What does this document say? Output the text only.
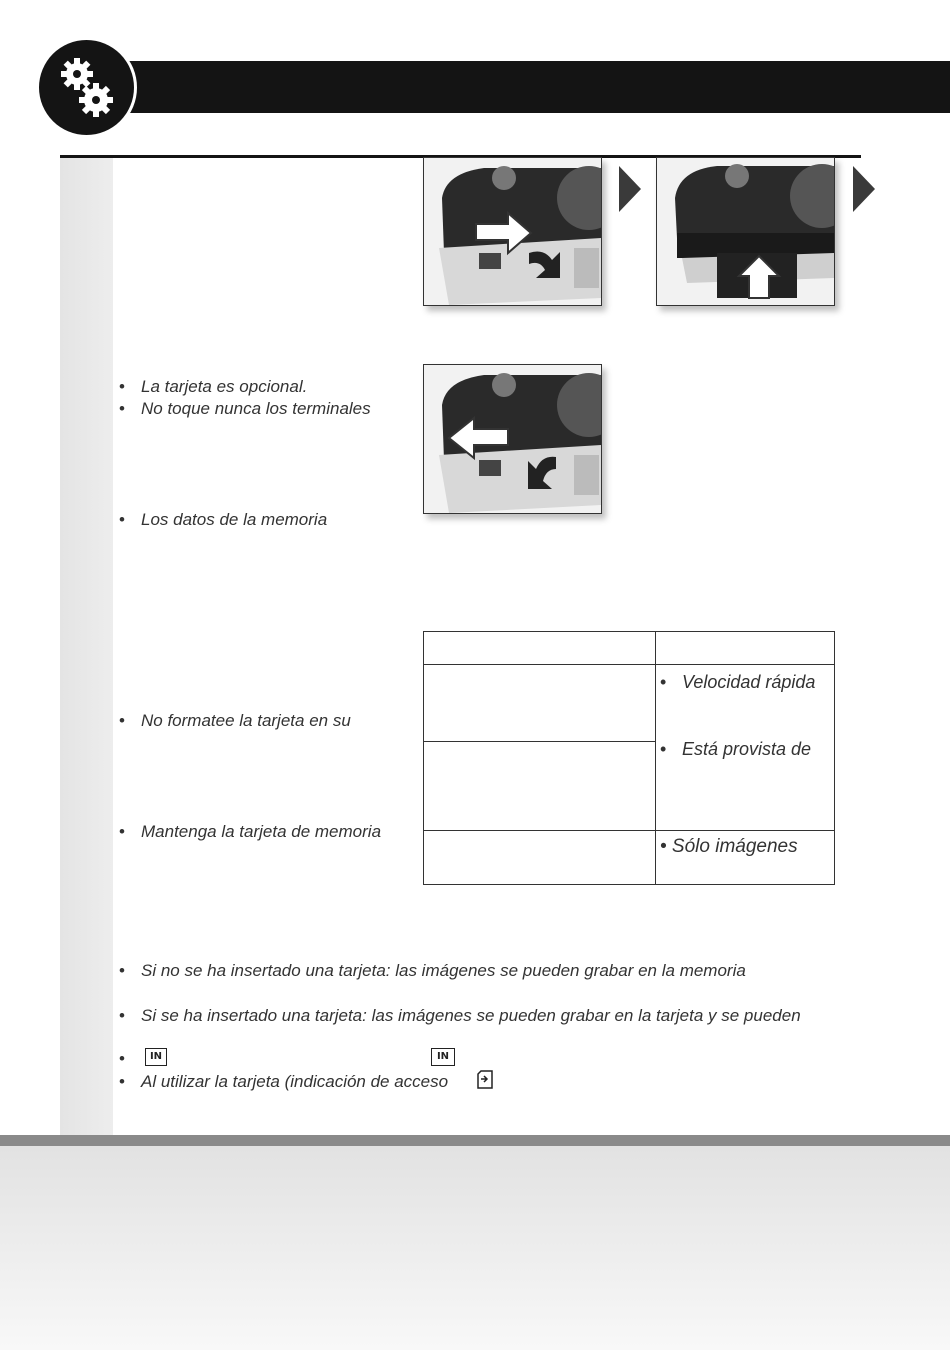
• La tarjeta es opcional.
• No toque nunca los terminales
• Los datos de la memoria
• No formatee la tarjeta en su
• Mantenga la tarjeta de memoria
• Velocidad rápida
• Está provista de
• Sólo imágenes
• Si no se ha insertado una tarjeta: las imágenes se pueden grabar en la memoria
• Si se ha insertado una tarjeta: las imágenes se pueden grabar en la tarjeta y se pueden
IN	IN
• Al utilizar la tarjeta (indicación de acceso
